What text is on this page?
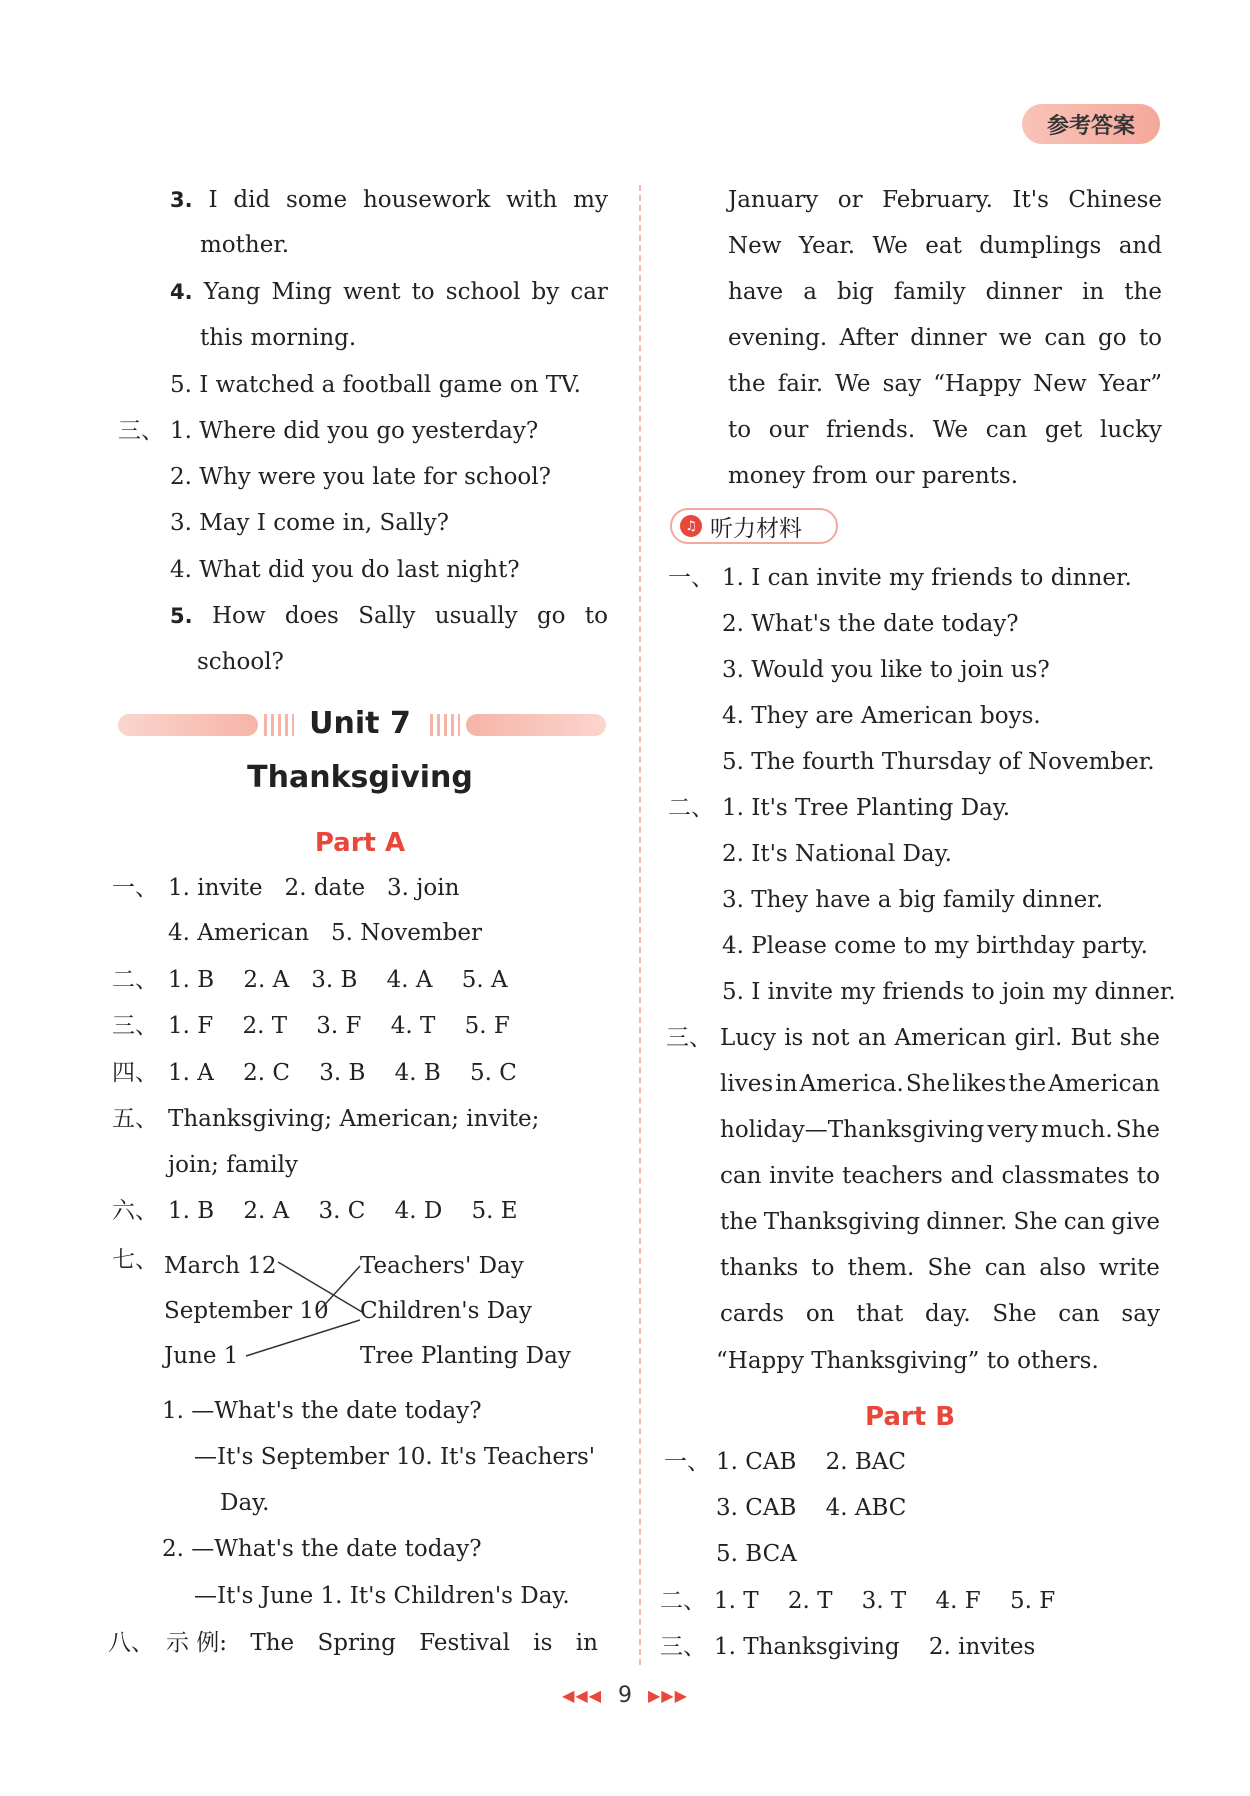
参考答案
3. I did some housework with my
mother.
4. Yang Ming went to school by car
this morning.
5. I watched a football game on TV.
三、 1. Where did you go yesterday?
2. Why were you late for school?
3. May I come in, Sally?
4. What did you do last night?
5. How does Sally usually go to
school?
Unit 7
Thanksgiving
Part A
一、 1. invite   2. date   3. join
4. American   5. November
二、 1. B    2. A   3. B    4. A    5. A
三、 1. F    2. T    3. F    4. T    5. F
四、 1. A    2. C    3. B    4. B    5. C
五、 Thanksgiving; American; invite;
join; family
六、 1. B    2. A    3. C    4. D    5. E
七、 March 12
September 10
June 1
Teachers' Day
Children's Day
Tree Planting Day
1. —What's the date today?
—It's September 10. It's Teachers'
Day.
2. —What's the date today?
—It's June 1. It's Children's Day.
八、 示 例: The Spring Festival is in
January or February. It's Chinese
New Year. We eat dumplings and
have a big family dinner in the
evening. After dinner we can go to
the fair. We say “Happy New Year”
to our friends. We can get lucky
money from our parents.
♫ 听力材料
一、 1. I can invite my friends to dinner.
2. What's the date today?
3. Would you like to join us?
4. They are American boys.
5. The fourth Thursday of November.
二、 1. It's Tree Planting Day.
2. It's National Day.
3. They have a big family dinner.
4. Please come to my birthday party.
5. I invite my friends to join my dinner.
三、 Lucy is not an American girl. But she
lives in America. She likes the American
holiday—Thanksgiving very much. She
can invite teachers and classmates to
the Thanksgiving dinner. She can give
thanks to them. She can also write
cards on that day. She can say
“Happy Thanksgiving” to others.
Part B
一、 1. CAB    2. BAC
3. CAB    4. ABC
5. BCA
二、 1. T    2. T    3. T    4. F    5. F
三、 1. Thanksgiving    2. invites
◀◀◀ 9 ▶▶▶
